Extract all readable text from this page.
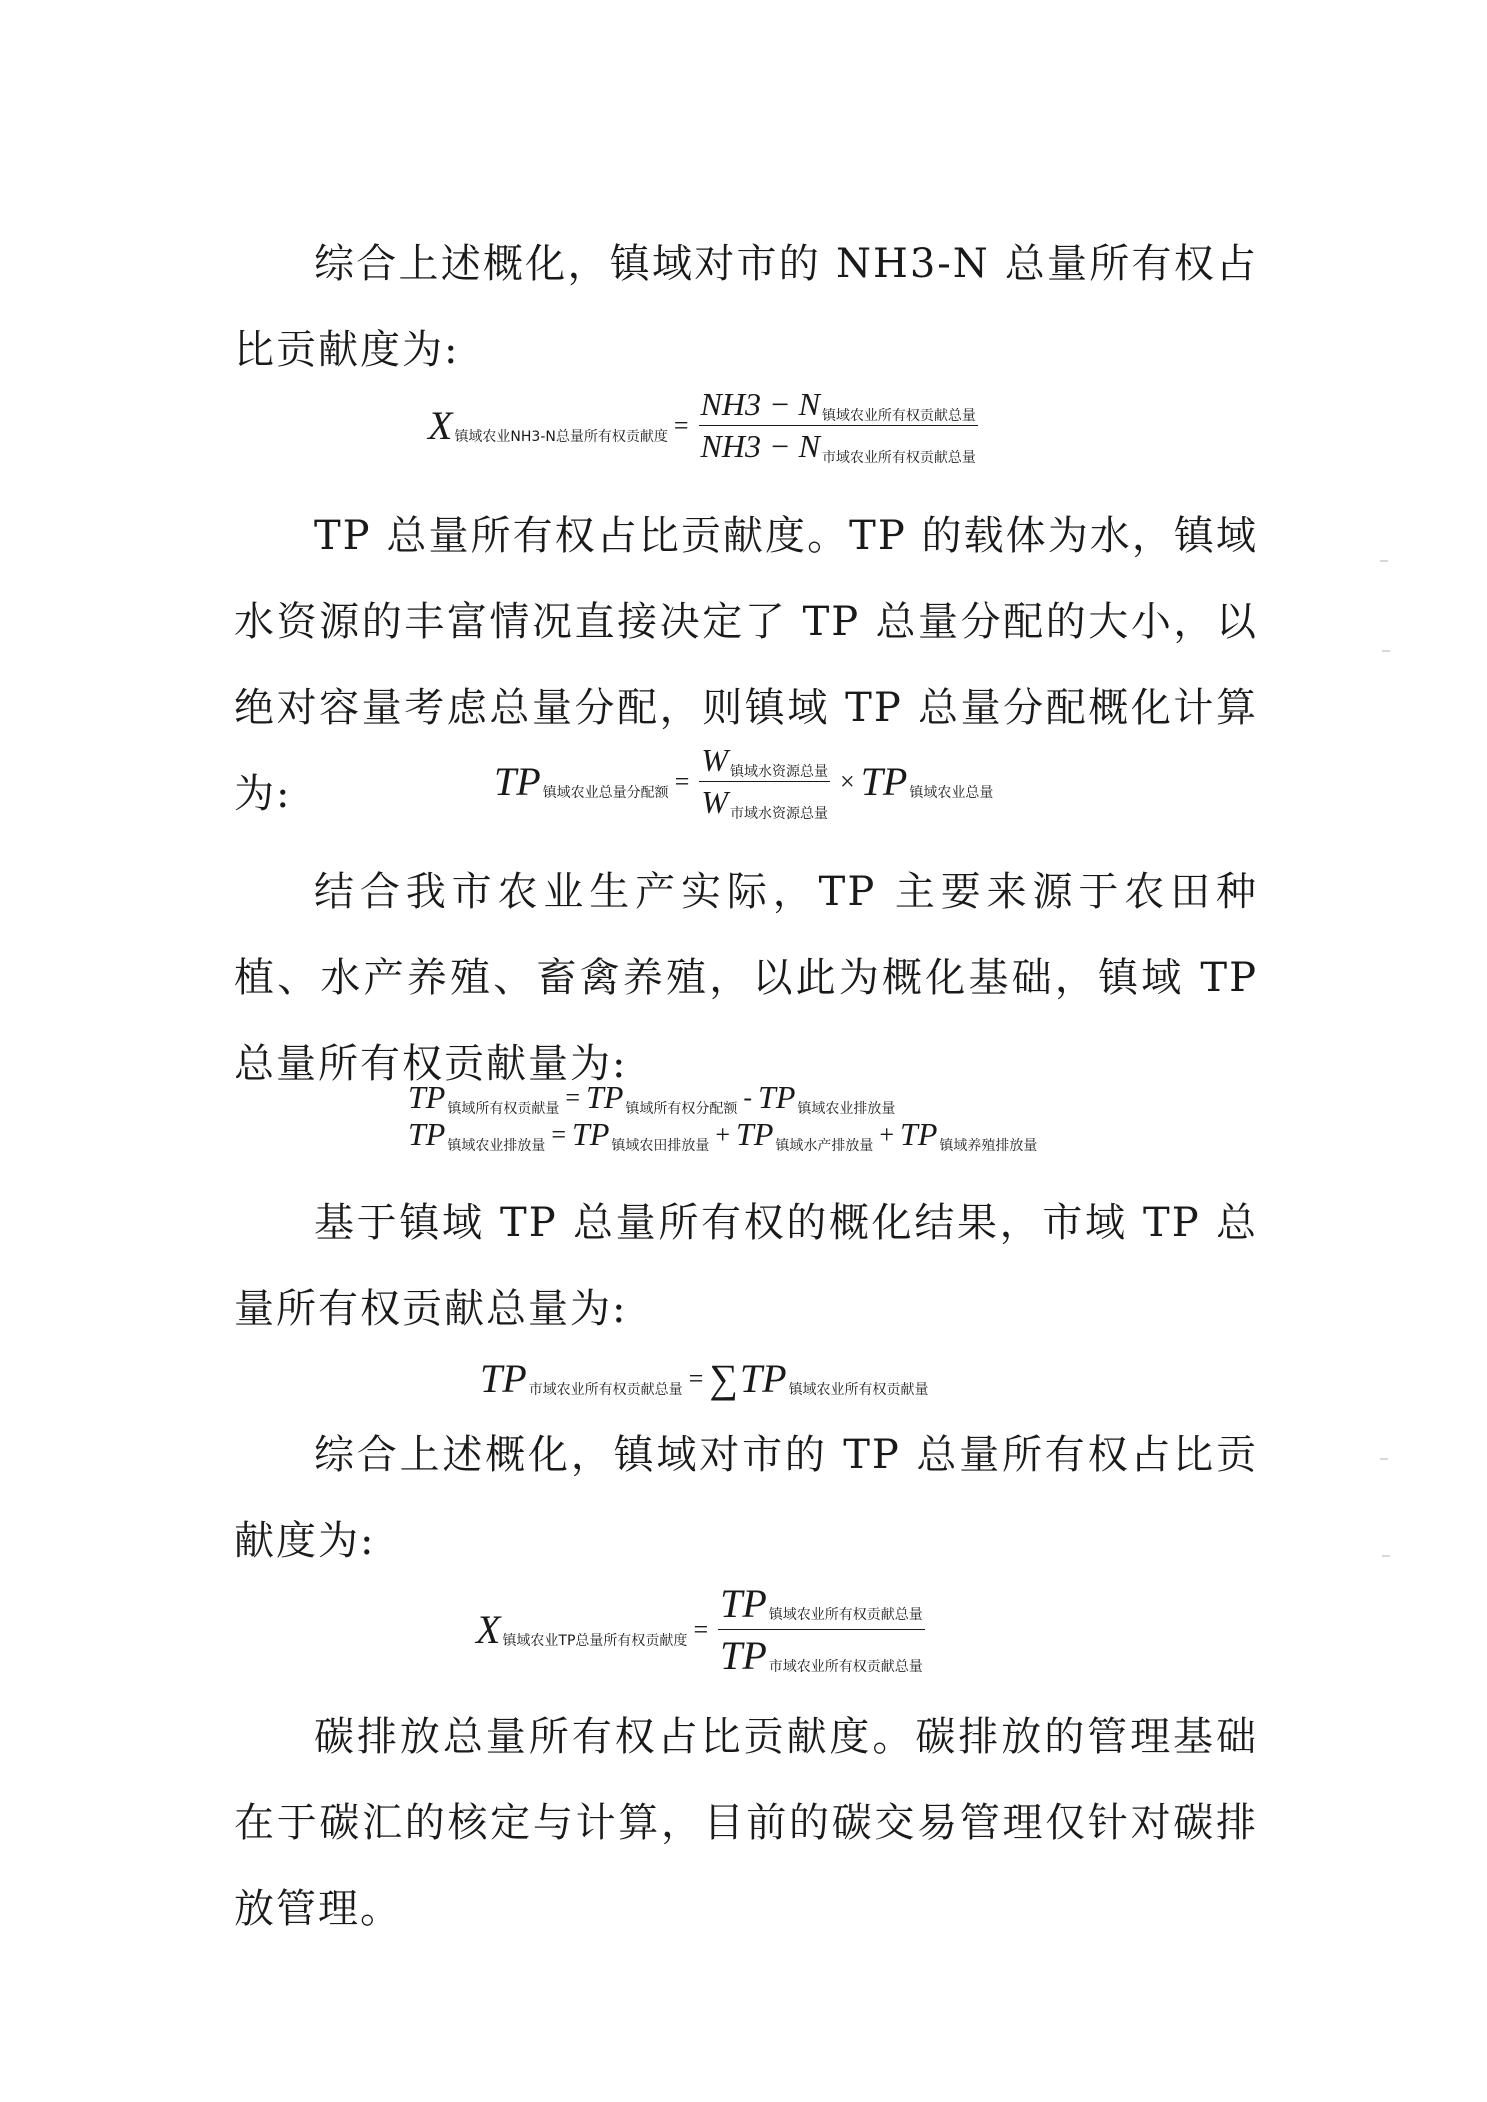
综合上述概化，镇域对市的 NH3-N 总量所有权占比贡献度为:

X 镇域农业NH3-N总量所有权贡献度 = $\frac{\text{NH3 − N 镇域农业所有权贡献总量}}{\text{NH3 − N 市域农业所有权贡献总量}}$

TP 总量所有权占比贡献度。TP 的载体为水，镇域水资源的丰富情况直接决定了 TP 总量分配的大小，以绝对容量考虑总量分配，则镇域 TP 总量分配概化计算为:	TP 镇域农业总量分配额 = $\frac{\text{W 镇域水资源总量}}{\text{W 市域水资源总量}}$ × TP 镇域农业总量

结合我市农业生产实际，TP 主要来源于农田种植、水产养殖、畜禽养殖，以此为概化基础，镇域 TP 总量所有权贡献量为:

TP 镇域所有权贡献量 = TP 镇域所有权分配额 - TP 镇域农业排放量
TP 镇域农业排放量 = TP 镇域农田排放量 + TP 镇域水产排放量 + TP 镇域养殖排放量

基于镇域 TP 总量所有权的概化结果，市域 TP 总量所有权贡献总量为:

TP 市域农业所有权贡献总量 = ∑ TP 镇域农业所有权贡献量

综合上述概化，镇域对市的 TP 总量所有权占比贡献度为:

X 镇域农业TP总量所有权贡献度 = $\frac{\text{TP 镇域农业所有权贡献总量}}{\text{TP 市域农业所有权贡献总量}}$

碳排放总量所有权占比贡献度。碳排放的管理基础在于碳汇的核定与计算，目前的碳交易管理仅针对碳排放管理。
